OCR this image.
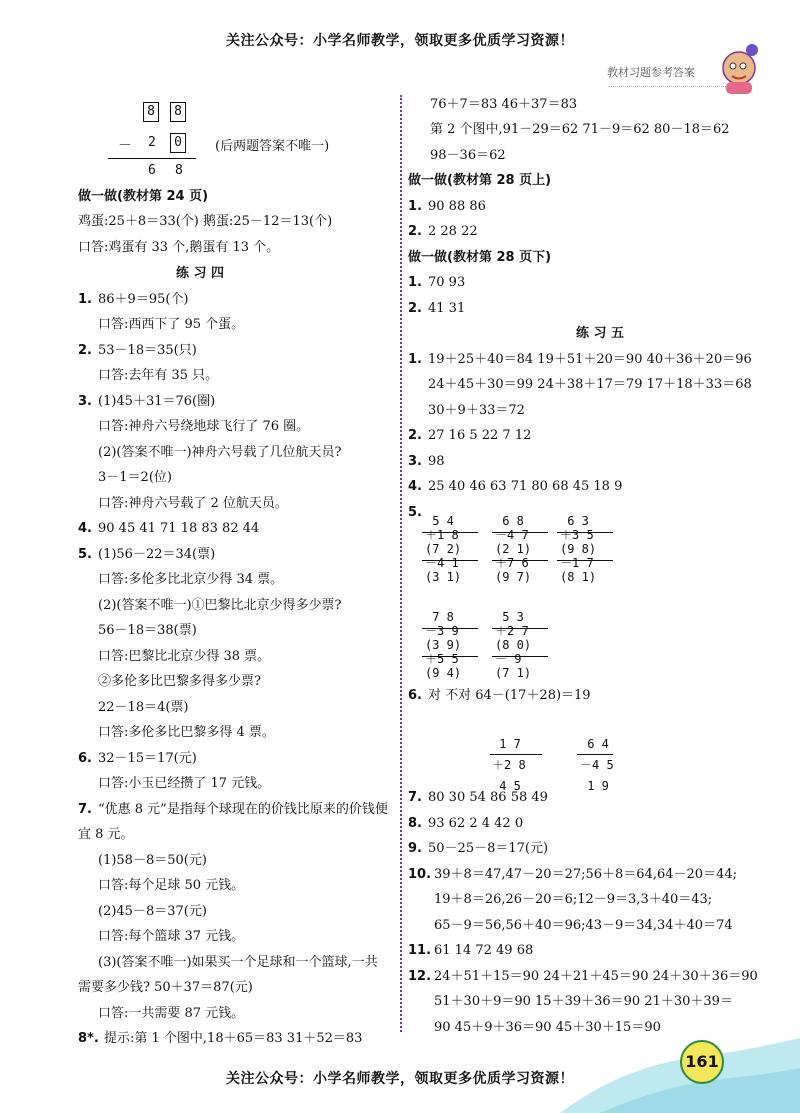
关注公众号：小学名师教学，领取更多优质学习资源！
教材习题参考答案
8	8
－ 2	0	(后两题答案不唯一)
6 8
做一做(教材第 24 页)
鸡蛋:25＋8＝33(个) 鹅蛋:25－12＝13(个)
口答:鸡蛋有 33 个,鹅蛋有 13 个。
练 习 四
1. 86＋9＝95(个)
口答:西西下了 95 个蛋。
2. 53－18＝35(只)
口答:去年有 35 只。
3. (1)45＋31＝76(圈)
口答:神舟六号绕地球飞行了 76 圈。
(2)(答案不唯一)神舟六号载了几位航天员?
3－1＝2(位)
口答:神舟六号载了 2 位航天员。
4. 90 45 41 71 18 83 82 44
5. (1)56－22＝34(票)
口答:多伦多比北京少得 34 票。
(2)(答案不唯一)①巴黎比北京少得多少票?
56－18＝38(票)
口答:巴黎比北京少得 38 票。
②多伦多比巴黎多得多少票?
22－18＝4(票)
口答:多伦多比巴黎多得 4 票。
6. 32－15＝17(元)
口答:小玉已经攒了 17 元钱。
7. “优惠 8 元”是指每个球现在的价钱比原来的价钱便
宜 8 元。
(1)58－8＝50(元)
口答:每个足球 50 元钱。
(2)45－8＝37(元)
口答:每个篮球 37 元钱。
(3)(答案不唯一)如果买一个足球和一个篮球,一共
需要多少钱? 50＋37＝87(元)
口答:一共需要 87 元钱。
8*. 提示:第 1 个图中,18＋65＝83 31＋52＝83
76＋7＝83 46＋37＝83
第 2 个图中,91－29＝62 71－9＝62 80－18＝62
98－36＝62
做一做(教材第 28 页上)
1. 90 88 86
2. 2 28 22
做一做(教材第 28 页下)
1. 70 93
2. 41 31
练 习 五
1. 19＋25＋40＝84 19＋51＋20＝90 40＋36＋20＝96
24＋45＋30＝99 24＋38＋17＝79 17＋18＋33＝68
30＋9＋33＝72
2. 27 16 5 22 7 12
3. 98
4. 25 40 46 63 71 80 68 45 18 9
5.

5 4
＋1 8
(7 2)
－4 1
(3 1)

6 8
－4 7
(2 1)
＋7 6
(9 7)

6 3
＋3 5
(9 8)
－1 7
(8 1)

7 8
－3 9
(3 9)
＋5 5
(9 4)

5 3
＋2 7
(8 0)
－ 9
(7 1)
6. 对 不对 64－(17＋28)＝19

1 7
＋2 8
4 5

6 4
－4 5
1 9
7. 80 30 54 86 58 49
8. 93 62 2 4 42 0
9. 50－25－8＝17(元)
10. 39＋8＝47,47－20＝27;56＋8＝64,64－20＝44;
19＋8＝26,26－20＝6;12－9＝3,3＋40＝43;
65－9＝56,56＋40＝96;43－9＝34,34＋40＝74
11. 61 14 72 49 68
12. 24＋51＋15＝90 24＋21＋45＝90 24＋30＋36＝90
51＋30＋9＝90 15＋39＋36＝90 21＋30＋39＝
90 45＋9＋36＝90 45＋30＋15＝90
161
关注公众号：小学名师教学，领取更多优质学习资源！
